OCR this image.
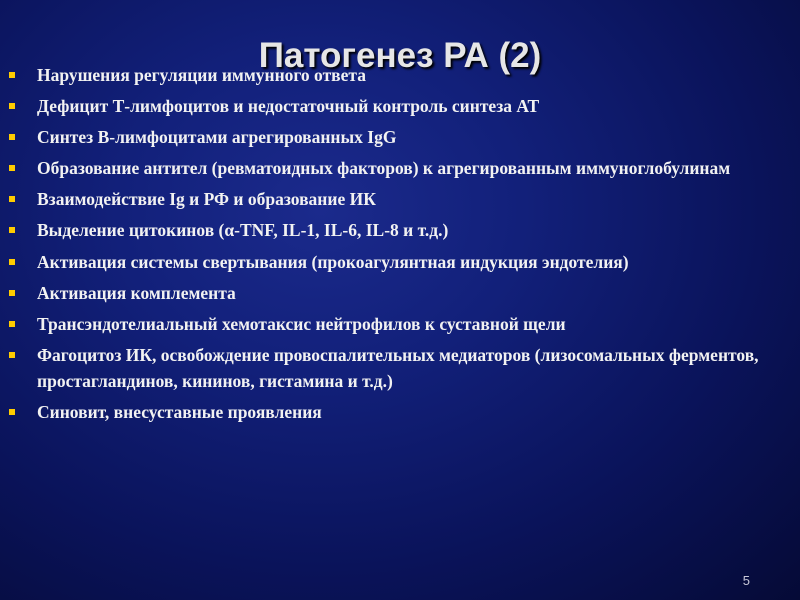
Патогенез РА (2)
Нарушения регуляции иммунного ответа
Дефицит Т-лимфоцитов и недостаточный контроль синтеза АТ
Синтез В-лимфоцитами агрегированных IgG
Образование антител (ревматоидных факторов) к агрегированным иммуноглобулинам
Взаимодействие Ig и РФ и образование ИК
Выделение цитокинов (α-TNF, IL-1, IL-6, IL-8 и т.д.)
Активация системы свертывания (прокоагулянтная индукция эндотелия)
Активация комплемента
Трансэндотелиальный хемотаксис нейтрофилов к суставной щели
Фагоцитоз ИК, освобождение провоспалительных медиаторов (лизосомальных ферментов, простагландинов, кининов, гистамина и т.д.)
Синовит, внесуставные проявления
5
